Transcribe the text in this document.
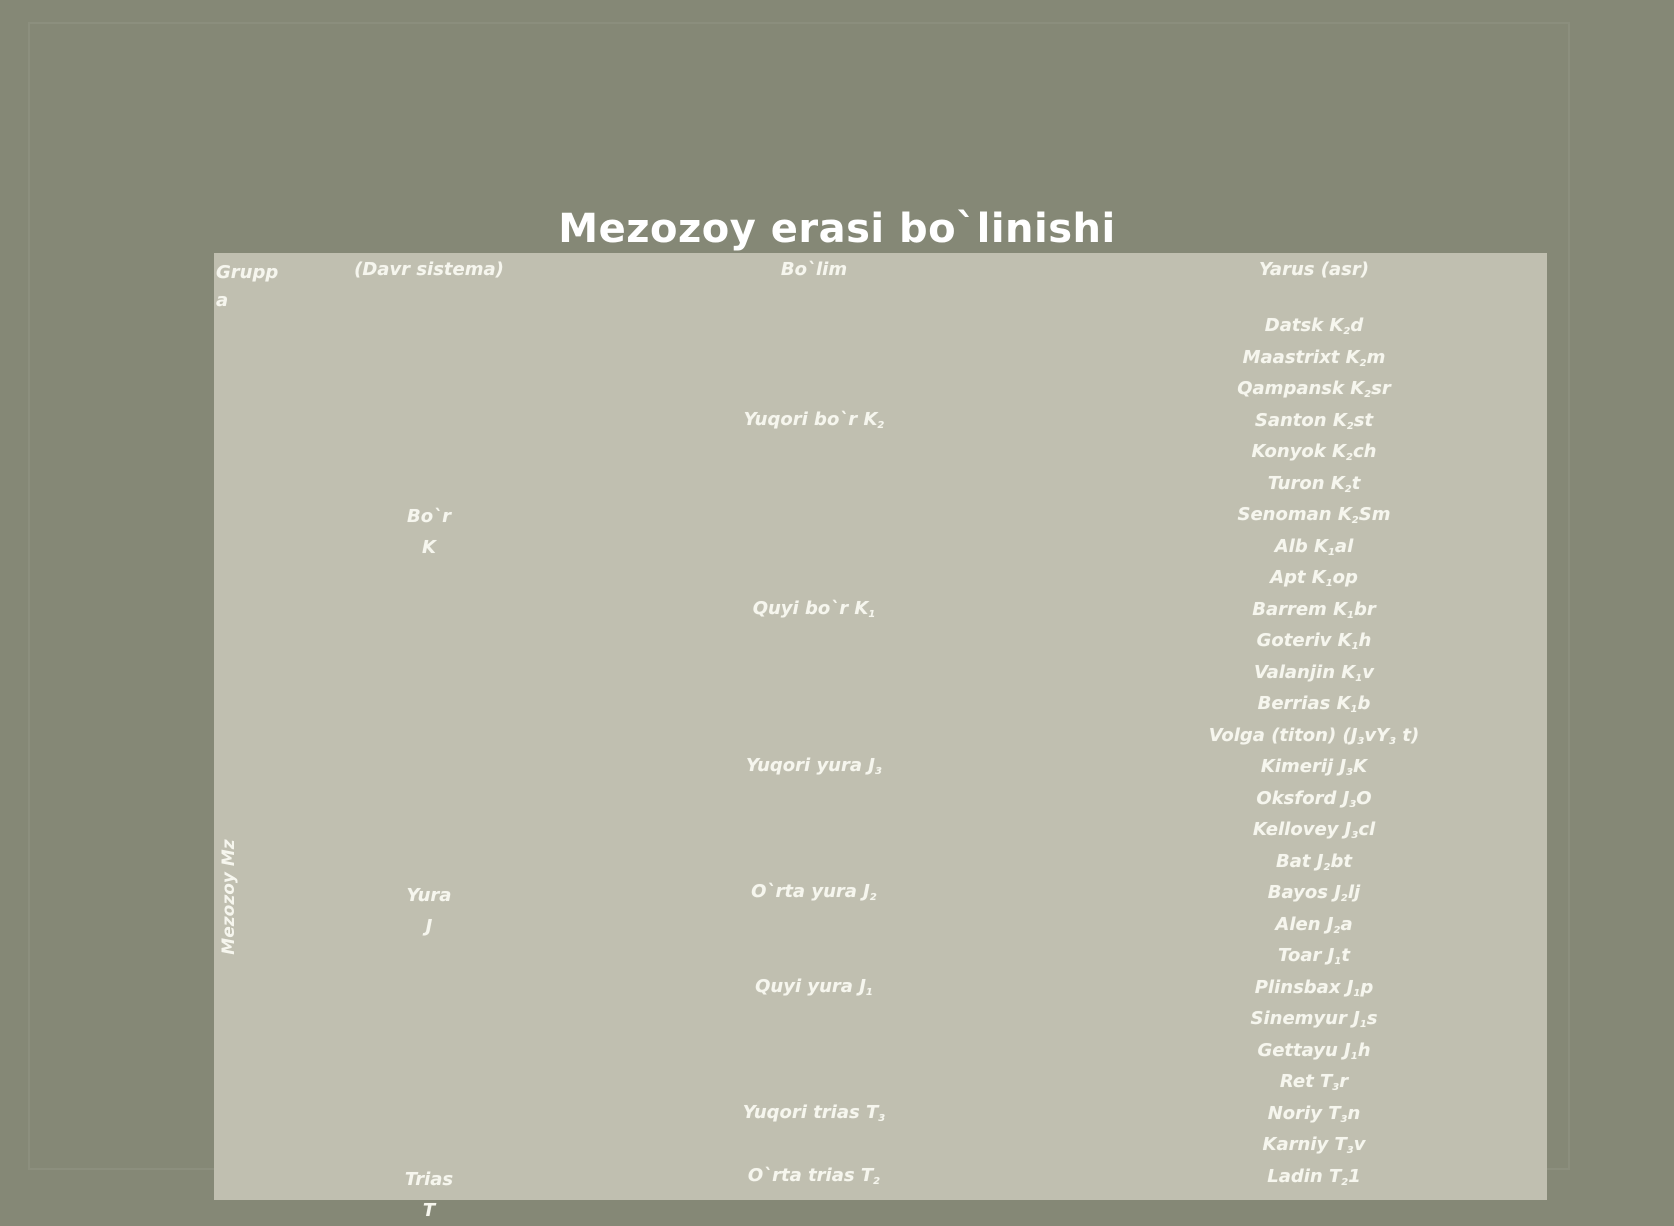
Mezozoy erasi bo`linishi
Grupp a
(Davr sistema)	Bo`lim	Yarus (asr)
Mezozoy Mz
Bo`r
K
Yura
J
Trias
T
Yuqori bo`r $K_2$
Quyi bo`r $K_1$
Yuqori yura $J_3$
O`rta yura $J_2$
Quyi yura $J_1$
Yuqori trias $T_3$
O`rta trias $T_2$
Datsk $K_2d$
Maastrixt $K_2m$
Qampansk $K_2sr$
Santon $K_2st$
Konyok $K_2ch$
Turon $K_2t$
Senoman $K_2Sm$
Alb $K_1al$
Apt $K_1op$
Barrem $K_1br$
Goteriv $K_1h$
Valanjin $K_1v$
Berrias $K_1b$
Volga (titon) ($J_3vY_3$ t)
Kimerij $J_3K$
Oksford $J_3O$
Kellovey $J_3cl$
Bat $J_2bt$
Bayos $J_2lj$
Alen $J_2a$
Toar $J_1t$
Plinsbax $J_1p$
Sinemyur $J_1s$
Gettayu $J_1h$
Ret $T_3r$
Noriy $T_3n$
Karniy $T_3v$
Ladin $T_21$
